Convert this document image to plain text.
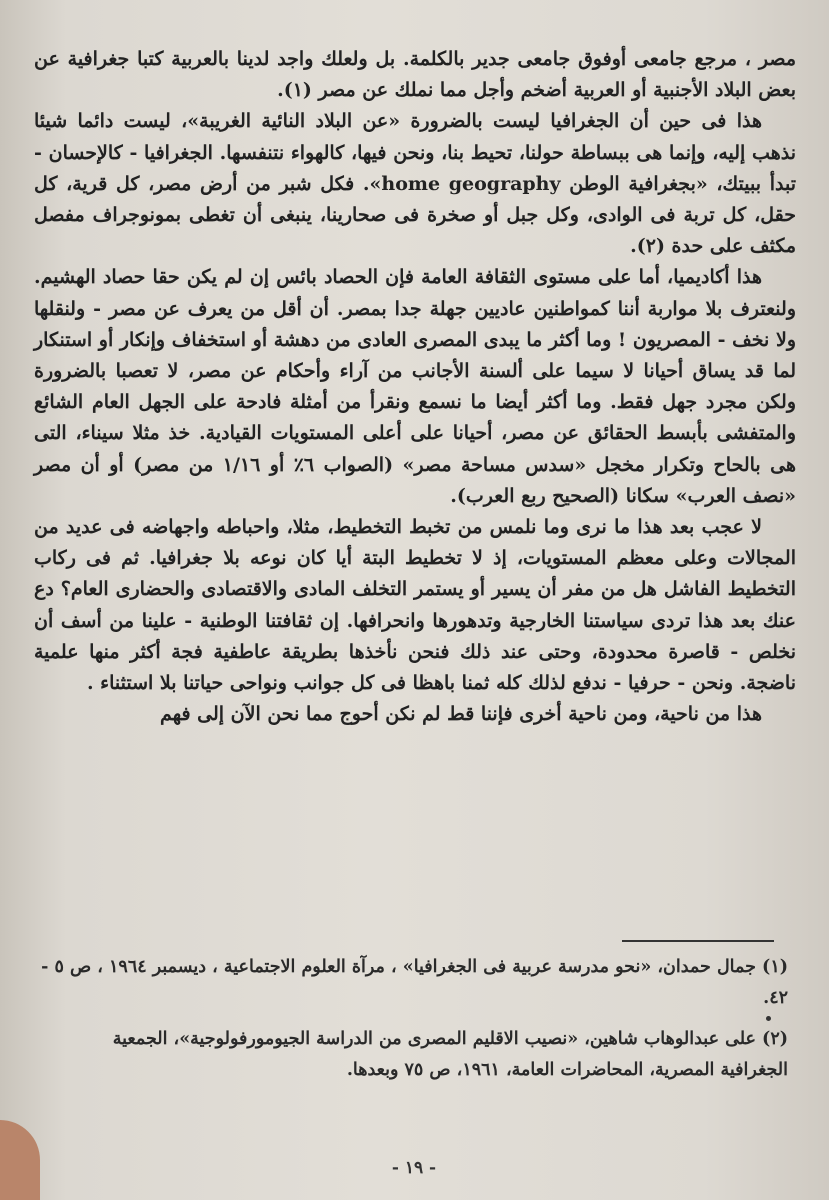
مصر ، مرجع جامعى أوفوق جامعى جدير بالكلمة. بل ولعلك واجد لدينا بالعربية كتبا جغرافية عن بعض البلاد الأجنبية أو العربية أضخم وأجل مما نملك عن مصر (١).

هذا فى حين أن الجغرافيا ليست بالضرورة «عن البلاد النائية الغريبة»، ليست دائما شيئا نذهب إليه، وإنما هى ببساطة حولنا، تحيط بنا، ونحن فيها، كالهواء نتنفسها. الجغرافيا - كالإحسان - تبدأ ببيتك، «بجغرافية الوطن home geography». فكل شبر من أرض مصر، كل قرية، كل حقل، كل تربة فى الوادى، وكل جبل أو صخرة فى صحارينا، ينبغى أن تغطى بمونوجراف مفصل مكثف على حدة (٢).

هذا أكاديميا، أما على مستوى الثقافة العامة فإن الحصاد بائس إن لم يكن حقا حصاد الهشيم. ولنعترف بلا مواربة أننا كمواطنين عاديين جهلة جدا بمصر. أن أقل من يعرف عن مصر - ولنقلها ولا نخف - المصريون ! وما أكثر ما يبدى المصرى العادى من دهشة أو استخفاف وإنكار أو استنكار لما قد يساق أحيانا لا سيما على ألسنة الأجانب من آراء وأحكام عن مصر، لا تعصبا بالضرورة ولكن مجرد جهل فقط. وما أكثر أيضا ما نسمع ونقرأ من أمثلة فادحة على الجهل العام الشائع والمتفشى بأبسط الحقائق عن مصر، أحيانا على أعلى المستويات القيادية. خذ مثلا سيناء، التى هى بالحاح وتكرار مخجل «سدس مساحة مصر» (الصواب ٦٪ أو ١/١٦ من مصر) أو أن مصر «نصف العرب» سكانا (الصحيح ربع العرب).

لا عجب بعد هذا ما نرى وما نلمس من تخبط التخطيط، مثلا، واحباطه واجهاضه فى عديد من المجالات وعلى معظم المستويات، إذ لا تخطيط البتة أيا كان نوعه بلا جغرافيا. ثم فى ركاب التخطيط الفاشل هل من مفر أن يسير أو يستمر التخلف المادى والاقتصادى والحضارى العام؟ دع عنك بعد هذا تردى سياستنا الخارجية وتدهورها وانحرافها. إن ثقافتنا الوطنية - علينا من أسف أن نخلص - قاصرة محدودة، وحتى عند ذلك فنحن نأخذها بطريقة عاطفية فجة أكثر منها علمية ناضجة. ونحن - حرفيا - ندفع لذلك كله ثمنا باهظا فى كل جوانب ونواحى حياتنا بلا استثناء .

هذا من ناحية، ومن ناحية أخرى فإننا قط لم نكن أحوج مما نحن الآن إلى فهم

(١) جمال حمدان، «نحو مدرسة عربية فى الجغرافيا» ، مرآة العلوم الاجتماعية ، ديسمبر ١٩٦٤ ، ص ٥ - ٤٢.

(٢) على عبدالوهاب شاهين، «نصيب الاقليم المصرى من الدراسة الجيومورفولوجية»، الجمعية الجغرافية المصرية، المحاضرات العامة، ١٩٦١، ص ٧٥ وبعدها.

- ١٩ -
